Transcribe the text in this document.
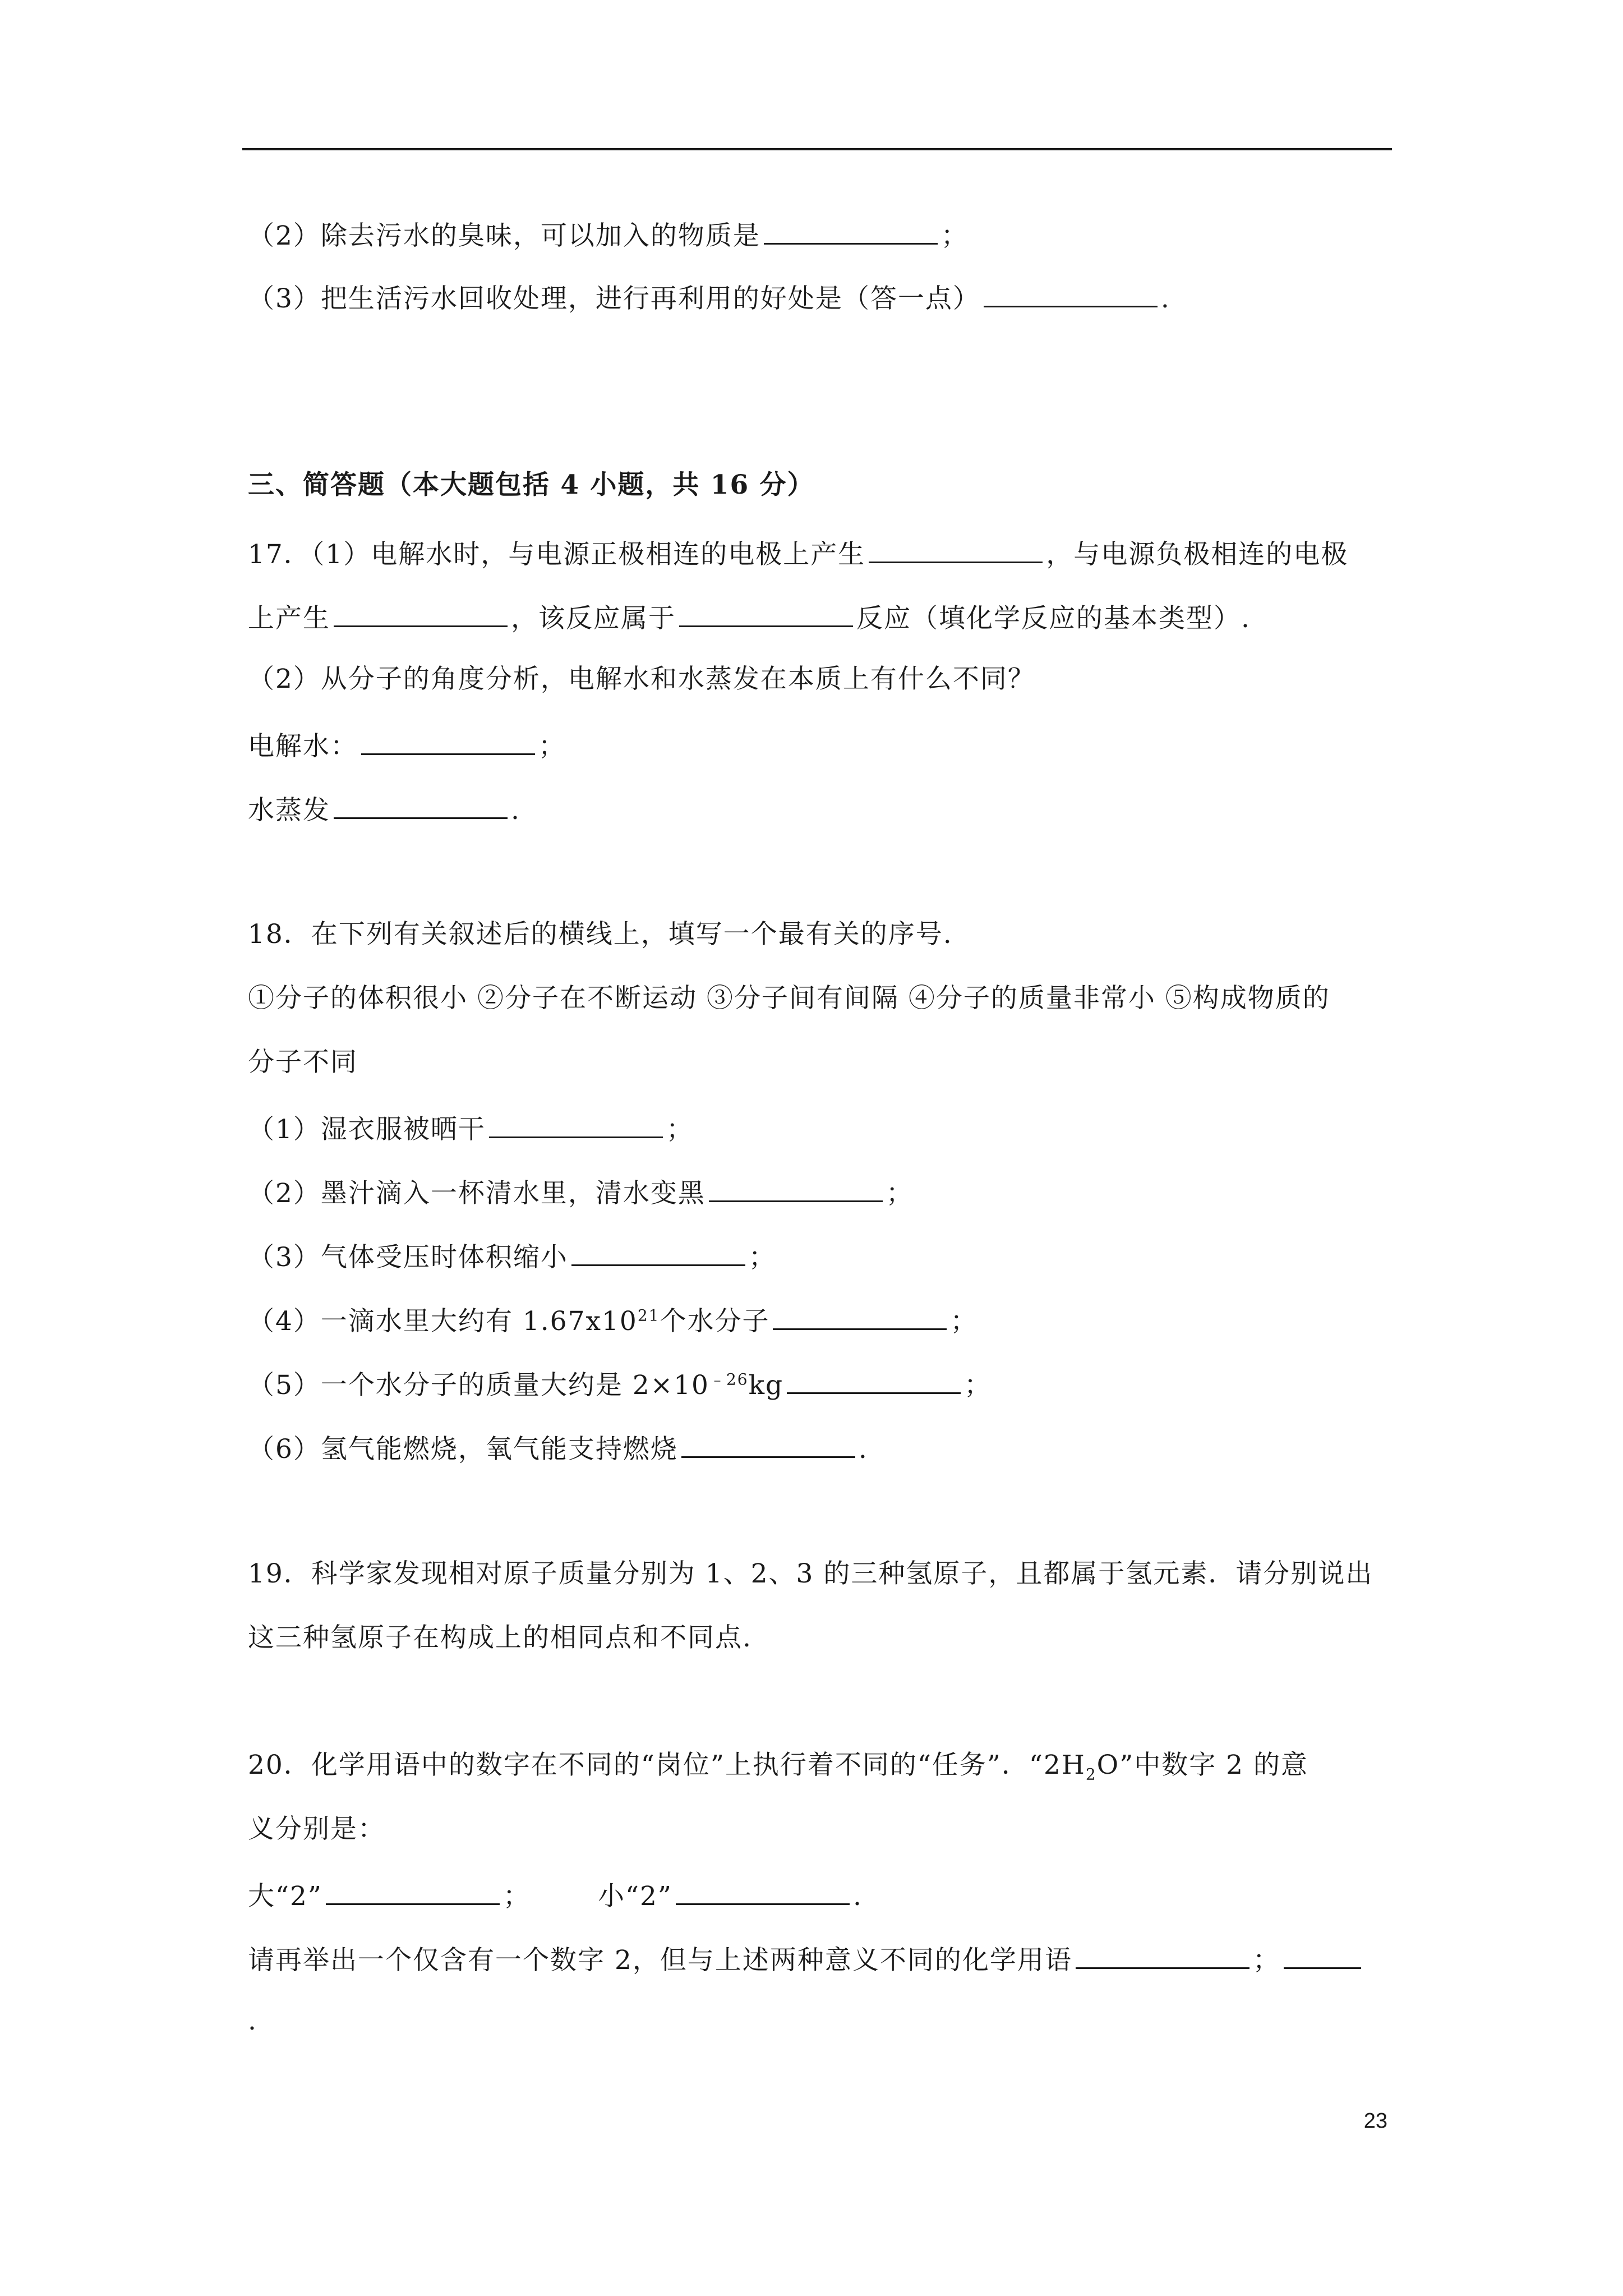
（2）除去污水的臭味，可以加入的物质是	；
（3）把生活污水回收处理，进行再利用的好处是（答一点）	.
三、简答题（本大题包括 4 小题，共 16 分）
17．（1）电解水时，与电源正极相连的电极上产生	，与电源负极相连的电极
上产生	，该反应属于	反应（填化学反应的基本类型）.
（2）从分子的角度分析，电解水和水蒸发在本质上有什么不同？
电解水：	；
水蒸发	.
18．在下列有关叙述后的横线上，填写一个最有关的序号.
①分子的体积很小 ②分子在不断运动 ③分子间有间隔 ④分子的质量非常小 ⑤构成物质的
分子不同
（1）湿衣服被晒干	；
（2）墨汁滴入一杯清水里，清水变黑	；
（3）气体受压时体积缩小	；
（4）一滴水里大约有 $1.67x10^{21}$个水分子	；
（5）一个水分子的质量大约是 $2\times 10^{﹣26}kg$	；
（6）氢气能燃烧，氧气能支持燃烧	.
19．科学家发现相对原子质量分别为 1、2、3 的三种氢原子，且都属于氢元素．请分别说出
这三种氢原子在构成上的相同点和不同点.
20．化学用语中的数字在不同的“岗位”上执行着不同的“任务”．“$2H_2O$”中数字 2 的意
义分别是：
大“2”	；	小“2”	.
请再举出一个仅含有一个数字 2，但与上述两种意义不同的化学用语	；
.
23
